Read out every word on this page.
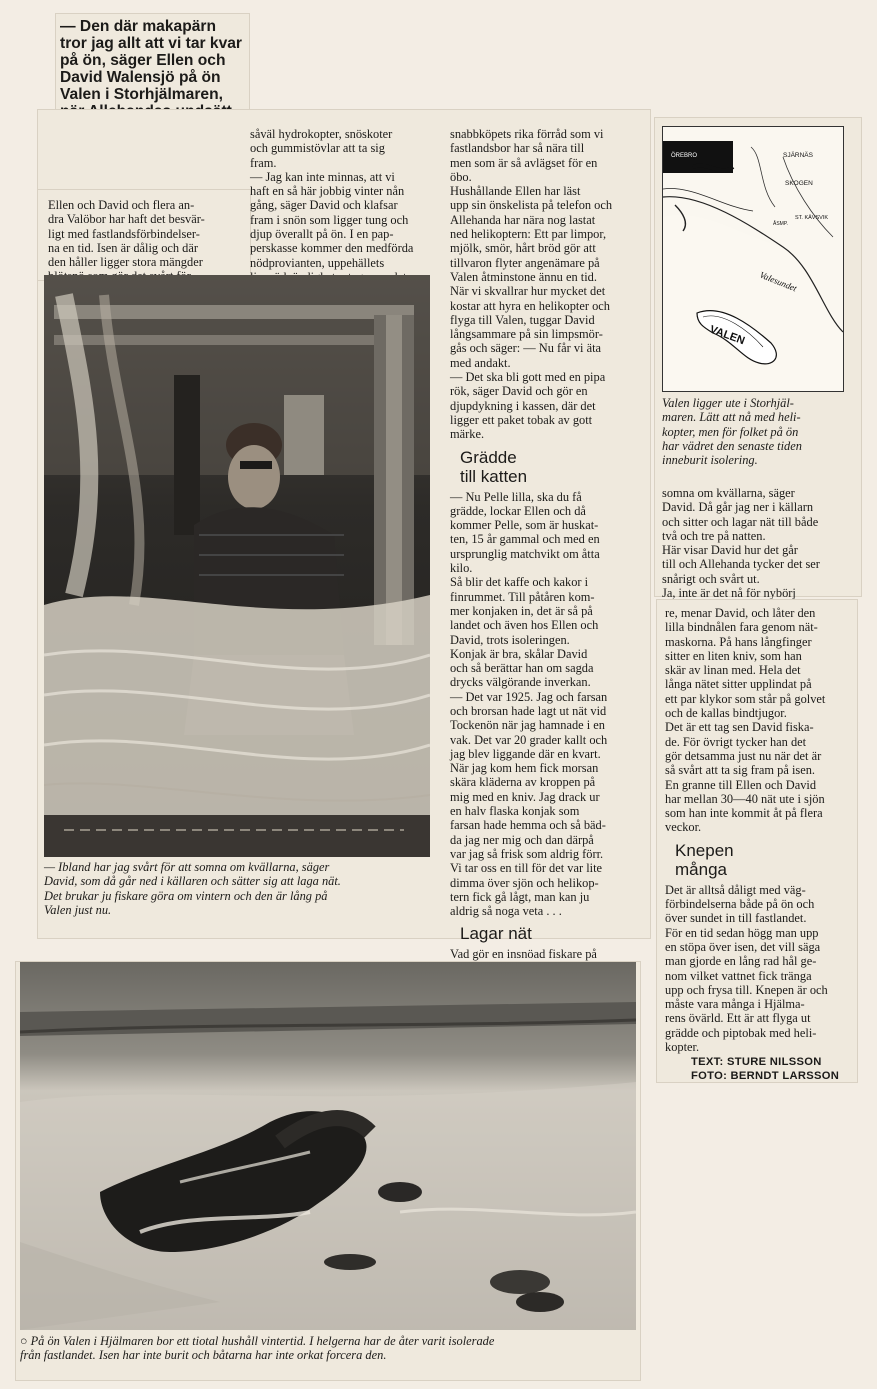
— Den där makapärn
tror jag allt att vi tar kvar
på ön, säger Ellen och
David Walensjö på ön
Valen i Storhjälmaren,

Ellen och David och flera an-
dra Valöbor har haft det besvär-
ligt med fastlandsförbindelser-
na en tid. Isen är dålig och där
den håller ligger stora mängder

såväl hydrokopter, snöskoter
och gummistövlar att ta sig
fram.
— Jag kan inte minnas, att vi
haft en så här jobbig vinter nån
gång, säger David och klafsar
fram i snön som ligger tung och
djup överallt på ön. I en pap-
perskasse kommer den medförda
nödprovianten, uppehällets

— Ibland har jag svårt för att somna om kvällarna, säger
David, som då går ned i källaren och sätter sig att laga nät.
Det brukar ju fiskare göra om vintern och den är lång på
Valen just nu.
snabbköpets rika förråd som vi
fastlandsbor har så nära till
men som är så avlägset för en
öbo.
Hushållande Ellen har läst
upp sin önskelista på telefon och
Allehanda har nära nog lastat
ned helikoptern: Ett par limpor,
mjölk, smör, hårt bröd gör att
tillvaron flyter angenämare på
Valen åtminstone ännu en tid.
När vi skvallrar hur mycket det
kostar att hyra en helikopter och
flyga till Valen, tuggar David
långsammare på sin limpsmör-
gås och säger: — Nu får vi äta
med andakt.
— Det ska bli gott med en pipa
rök, säger David och gör en
djupdykning i kassen, där det
ligger ett paket tobak av gott
märke.
Grädde
till katten
— Nu Pelle lilla, ska du få
grädde, lockar Ellen och då
kommer Pelle, som är huskat-
ten, 15 år gammal och med en
ursprunglig matchvikt om åtta
kilo.
Så blir det kaffe och kakor i
finrummet. Till påtåren kom-
mer konjaken in, det är så på
landet och även hos Ellen och
David, trots isoleringen.
Konjak är bra, skålar David
och så berättar han om sagda
drycks välgörande inverkan.
— Det var 1925. Jag och farsan
och brorsan hade lagt ut nät vid
Tockenön när jag hamnade i en
vak. Det var 20 grader kallt och
jag blev liggande där en kvart.
När jag kom hem fick morsan
skära kläderna av kroppen på
mig med en kniv. Jag drack ur
en halv flaska konjak som
farsan hade hemma och så bäd-
da jag ner mig och dan därpå
var jag så frisk som aldrig förr.
Vi tar oss en till för det var lite
dimma över sjön och helikop-
tern fick gå lågt, man kan ju
aldrig så noga veta . . .
Lagar nät
Vad gör en insnöad fiskare på

ÖREBRO	SJÄRNÄS
SKOGEN
ÅSMP.
ST. KÄVSVIK
Valesundet
VALEN
Valen ligger ute i Storhjäl-
maren. Lätt att nå med heli-
kopter, men för folket på ön
har vädret den senaste tiden
inneburit isolering.
somna om kvällarna, säger
David. Då går jag ner i källarn
och sitter och lagar nät till både
två och tre på natten.
Här visar David hur det går
till och Allehanda tycker det ser
snårigt och svårt ut.
Ja, inte är det nå för nybörj
re, menar David, och låter den
lilla bindnålen fara genom nät-
maskorna. På hans långfinger
sitter en liten kniv, som han
skär av linan med. Hela det
långa nätet sitter upplindat på
ett par klykor som står på golvet
och de kallas bindtjugor.
Det är ett tag sen David fiska-
de. För övrigt tycker han det
gör detsamma just nu när det är
så svårt att ta sig fram på isen.
En granne till Ellen och David
har mellan 30—40 nät ute i sjön
som han inte kommit åt på flera
veckor.
Knepen
många
Det är alltså dåligt med väg-
förbindelserna både på ön och
över sundet in till fastlandet.
För en tid sedan högg man upp
en stöpa över isen, det vill säga
man gjorde en lång rad hål ge-
nom vilket vattnet fick tränga
upp och frysa till. Knepen är och
måste vara många i Hjälma-
rens övärld. Ett är att flyga ut
grädde och piptobak med heli-
kopter.
TEXT: STURE NILSSON
FOTO: BERNDT LARSSON
○ På ön Valen i Hjälmaren bor ett tiotal hushåll vintertid. I helgerna har de åter varit isolerade
från fastlandet. Isen har inte burit och båtarna har inte orkat forcera den.
